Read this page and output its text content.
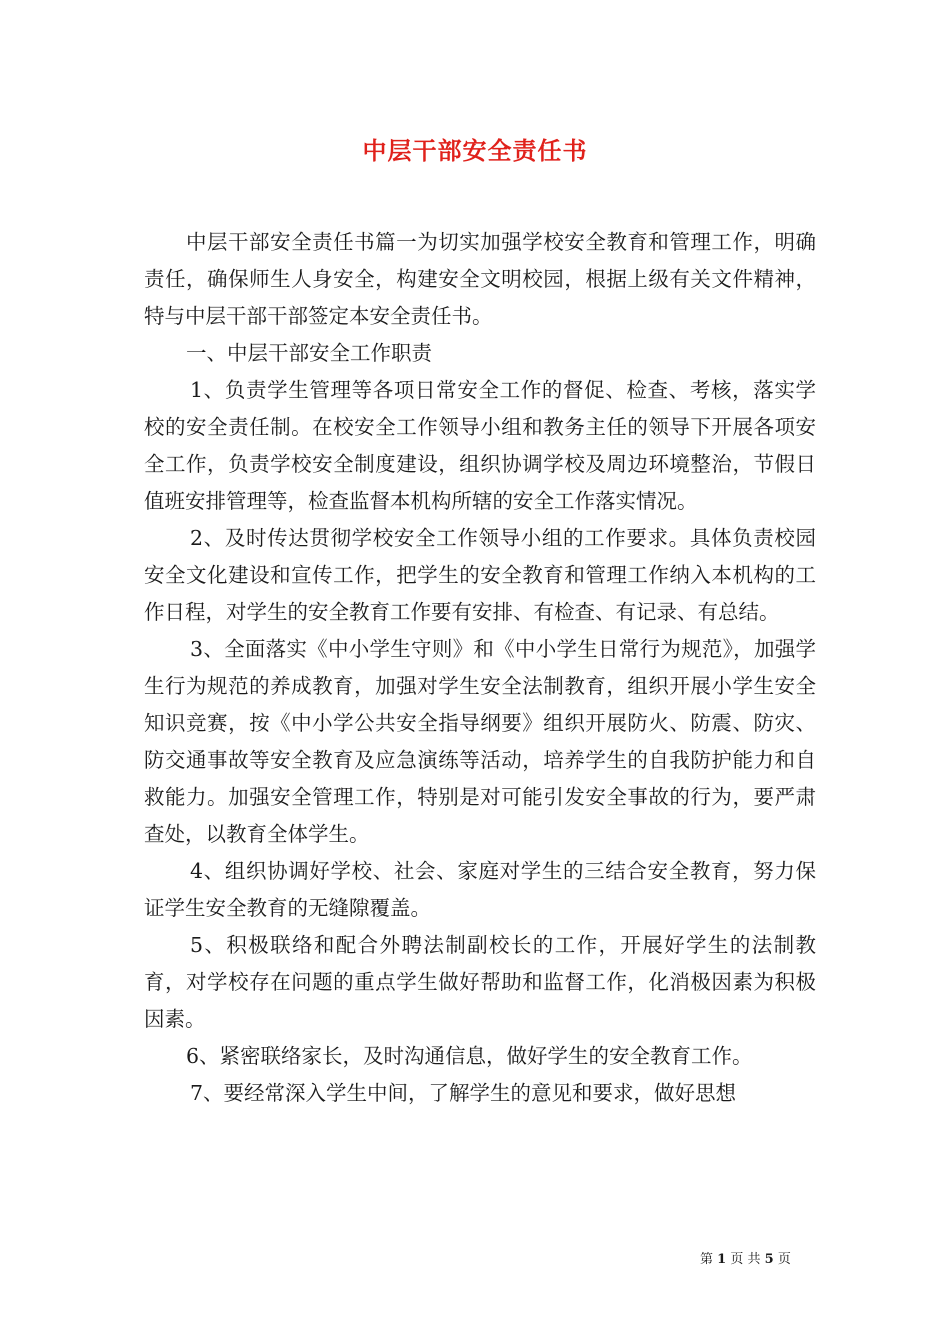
中层干部安全责任书

中层干部安全责任书篇一为切实加强学校安全教育和管理工作，明确责任，确保师生人身安全，构建安全文明校园，根据上级有关文件精神，特与中层干部干部签定本安全责任书。

一、中层干部安全工作职责

1、负责学生管理等各项日常安全工作的督促、检查、考核，落实学校的安全责任制。在校安全工作领导小组和教务主任的领导下开展各项安全工作，负责学校安全制度建设，组织协调学校及周边环境整治，节假日值班安排管理等，检查监督本机构所辖的安全工作落实情况。

2、及时传达贯彻学校安全工作领导小组的工作要求。具体负责校园安全文化建设和宣传工作，把学生的安全教育和管理工作纳入本机构的工作日程，对学生的安全教育工作要有安排、有检查、有记录、有总结。

3、全面落实《中小学生守则》和《中小学生日常行为规范》，加强学生行为规范的养成教育，加强对学生安全法制教育，组织开展小学生安全知识竞赛，按《中小学公共安全指导纲要》组织开展防火、防震、防灾、防交通事故等安全教育及应急演练等活动，培养学生的自我防护能力和自救能力。加强安全管理工作，特别是对可能引发安全事故的行为，要严肃查处，以教育全体学生。

4、组织协调好学校、社会、家庭对学生的三结合安全教育，努力保证学生安全教育的无缝隙覆盖。

5、积极联络和配合外聘法制副校长的工作，开展好学生的法制教育，对学校存在问题的重点学生做好帮助和监督工作，化消极因素为积极因素。

6、紧密联络家长，及时沟通信息，做好学生的安全教育工作。

7、要经常深入学生中间，了解学生的意见和要求，做好思想

第 1 页 共 5 页
